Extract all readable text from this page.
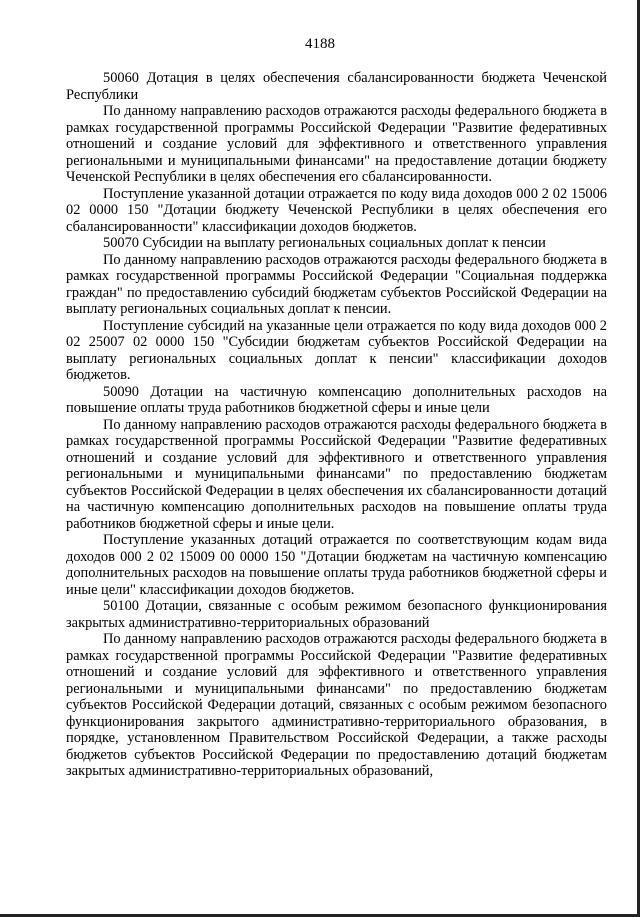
4188

50060 Дотация в целях обеспечения сбалансированности бюджета Чеченской Республики

По данному направлению расходов отражаются расходы федерального бюджета в рамках государственной программы Российской Федерации "Развитие федеративных отношений и создание условий для эффективного и ответственного управления региональными и муниципальными финансами" на предоставление дотации бюджету Чеченской Республики в целях обеспечения его сбалансированности.

Поступление указанной дотации отражается по коду вида доходов 000 2 02 15006 02 0000 150 "Дотации бюджету Чеченской Республики в целях обеспечения его сбалансированности" классификации доходов бюджетов.

50070 Субсидии на выплату региональных социальных доплат к пенсии

По данному направлению расходов отражаются расходы федерального бюджета в рамках государственной программы Российской Федерации "Социальная поддержка граждан" по предоставлению субсидий бюджетам субъектов Российской Федерации на выплату региональных социальных доплат к пенсии.

Поступление субсидий на указанные цели отражается по коду вида доходов 000 2 02 25007 02 0000 150 "Субсидии бюджетам субъектов Российской Федерации на выплату региональных социальных доплат к пенсии" классификации доходов бюджетов.

50090 Дотации на частичную компенсацию дополнительных расходов на повышение оплаты труда работников бюджетной сферы и иные цели

По данному направлению расходов отражаются расходы федерального бюджета в рамках государственной программы Российской Федерации "Развитие федеративных отношений и создание условий для эффективного и ответственного управления региональными и муниципальными финансами" по предоставлению бюджетам субъектов Российской Федерации в целях обеспечения их сбалансированности дотаций на частичную компенсацию дополнительных расходов на повышение оплаты труда работников бюджетной сферы и иные цели.

Поступление указанных дотаций отражается по соответствующим кодам вида доходов 000 2 02 15009 00 0000 150 "Дотации бюджетам на частичную компенсацию дополнительных расходов на повышение оплаты труда работников бюджетной сферы и иные цели" классификации доходов бюджетов.

50100 Дотации, связанные с особым режимом безопасного функционирования закрытых административно-территориальных образований

По данному направлению расходов отражаются расходы федерального бюджета в рамках государственной программы Российской Федерации "Развитие федеративных отношений и создание условий для эффективного и ответственного управления региональными и муниципальными финансами" по предоставлению бюджетам субъектов Российской Федерации дотаций, связанных с особым режимом безопасного функционирования закрытого административно-территориального образования, в порядке, установленном Правительством Российской Федерации, а также расходы бюджетов субъектов Российской Федерации по предоставлению дотаций бюджетам закрытых административно-территориальных образований,
